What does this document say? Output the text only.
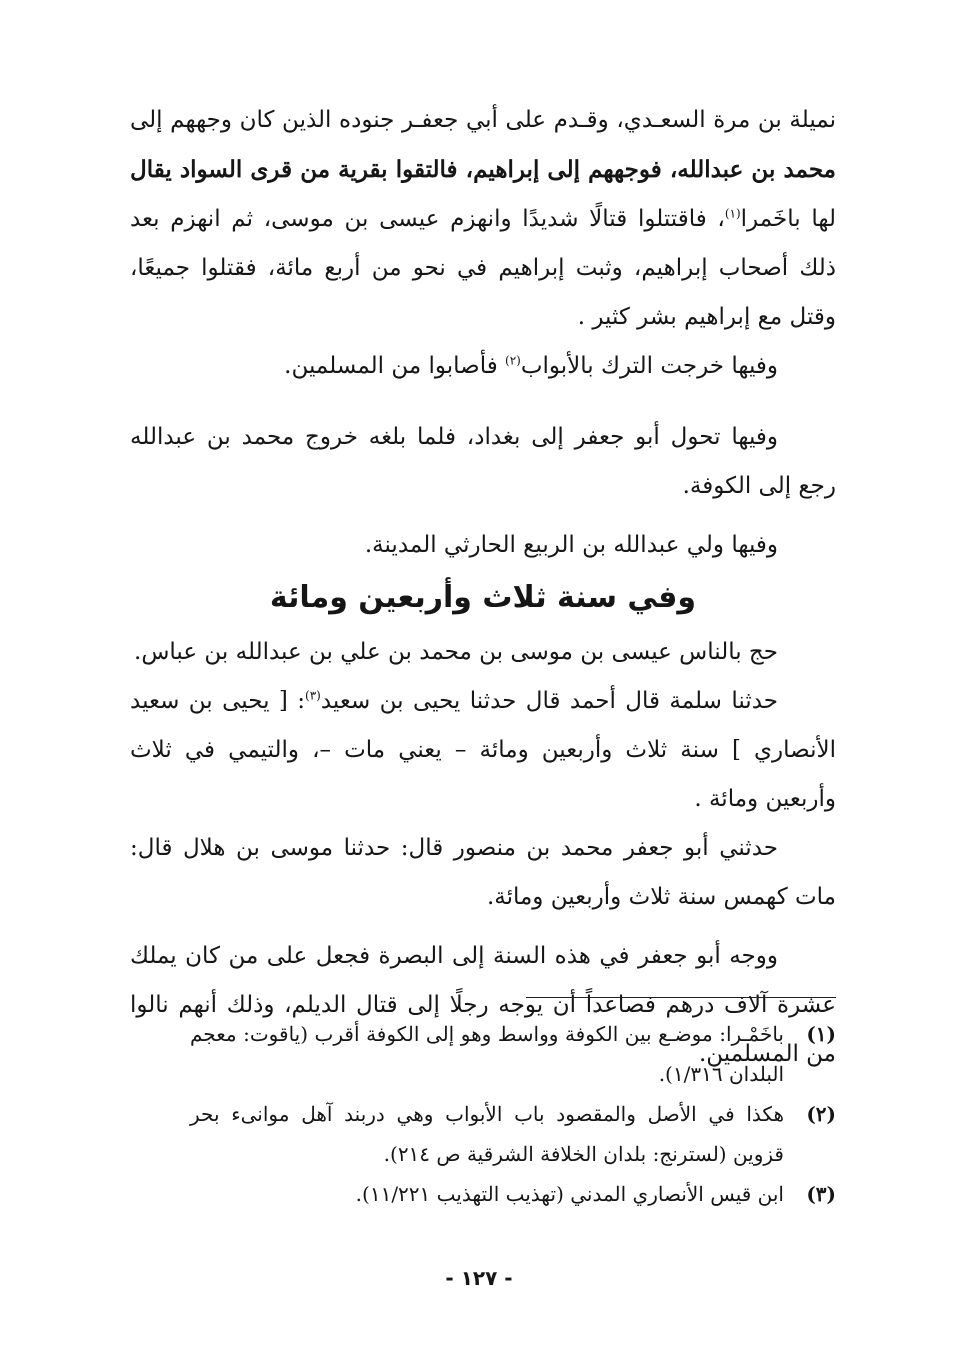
نميلة بن مرة السعـدي، وقـدم على أبي جعفـر جنوده الذين كان وجههم إلى محمد بن عبدالله، فوجههم إلى إبراهيم، فالتقوا بقرية من قرى السواد يقال لها باخَمرا$^{(١)}$، فاقتتلوا قتالًا شديدًا وانهزم عيسى بن موسى، ثم انهزم بعد ذلك أصحاب إبراهيم، وثبت إبراهيم في نحو من أربع مائة، فقتلوا جميعًا، وقتل مع إبراهيم بشر كثير .

وفيها خرجت الترك بالأبواب$^{(٢)}$ فأصابوا من المسلمين.

وفيها تحول أبو جعفر إلى بغداد، فلما بلغه خروج محمد بن عبدالله رجع إلى الكوفة.

وفيها ولي عبدالله بن الربيع الحارثي المدينة.

وفي سنة ثلاث وأربعين ومائة

حج بالناس عيسى بن موسى بن محمد بن علي بن عبدالله بن عباس.

حدثنا سلمة قال أحمد قال حدثنا يحيى بن سعيد$^{(٣)}$: [ يحيى بن سعيد الأنصاري ] سنة ثلاث وأربعين ومائة – يعني مات –، والتيمي في ثلاث وأربعين ومائة .

حدثني أبو جعفر محمد بن منصور قال: حدثنا موسى بن هلال قال: مات كهمس سنة ثلاث وأربعين ومائة.

ووجه أبو جعفر في هذه السنة إلى البصرة فجعل على من كان يملك عشرة آلاف درهم فصاعداً أن يوجه رجلًا إلى قتال الديلم، وذلك أنهم نالوا من المسلمين.

(١)
باخَمْـرا: موضـع بين الكوفة وواسط وهو إلى الكوفة أقرب (ياقوت: معجم البلدان ١/٣١٦).
(٢)
هكذا في الأصل والمقصود باب الأبواب وهي دربند آهل موانىء بحر قزوين (لسترنج: بلدان الخلافة الشرقية ص ٢١٤).
(٣)
ابن قيس الأنصاري المدني (تهذيب التهذيب ١١/٢٢١).
- ١٢٧ -
